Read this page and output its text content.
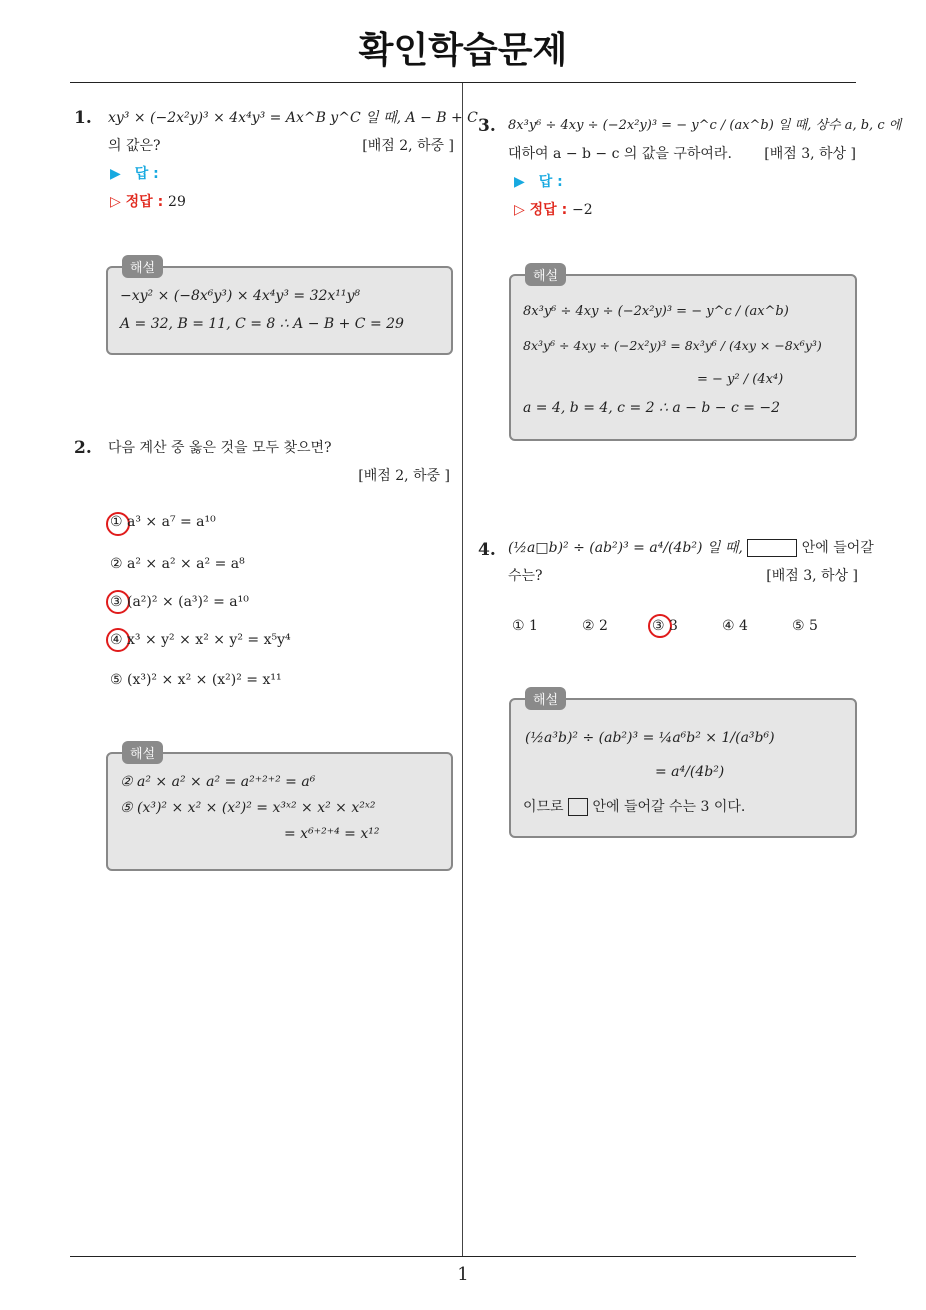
확인학습문제
1. xy³ × (−2x²y)³ × 4x⁴y³ = Ax^B y^C 일 때, A − B + C
의 값은?	[배점 2, 하중 ]
▶　답 :
▷ 정답 : 29
해설
−xy² × (−8x⁶y³) × 4x⁴y³ = 32x¹¹y⁸
A = 32, B = 11, C = 8 ∴ A − B + C = 29
2. 다음 계산 중 옳은 것을 모두 찾으면?
[배점 2, 하중 ]
① a³ × a⁷ = a¹⁰
② a² × a² × a² = a⁸
③ (a²)² × (a³)² = a¹⁰
④ x³ × y² × x² × y² = x⁵y⁴
⑤ (x³)² × x² × (x²)² = x¹¹
해설
② a² × a² × a² = a²⁺²⁺² = a⁶
⑤ (x³)² × x² × (x²)² = x³ˣ² × x² × x²ˣ²
= x⁶⁺²⁺⁴ = x¹²
3. 8x³y⁶ ÷ 4xy ÷ (−2x²y)³ = − y^c / (ax^b) 일 때, 상수 a, b, c 에
대하여 a − b − c 의 값을 구하여라. [배점 3, 하상 ]
▶　답 :
▷ 정답 : −2
해설
8x³y⁶ ÷ 4xy ÷ (−2x²y)³ = − y^c / (ax^b)
8x³y⁶ ÷ 4xy ÷ (−2x²y)³ = 8x³y⁶ / (4xy × −8x⁶y³)
= − y² / (4x⁴)
a = 4, b = 4, c = 2 ∴ a − b − c = −2
4. (½a□b)² ÷ (ab²)³ = a⁴/(4b²) 일 때,	안에 들어갈
수는?	[배점 3, 하상 ]
① 1	② 2	③ 3	④ 4	⑤ 5
해설
(½a³b)² ÷ (ab²)³ = ¼a⁶b² × 1/(a³b⁶)
= a⁴/(4b²)
이므로 안에 들어갈 수는 3 이다.
1
